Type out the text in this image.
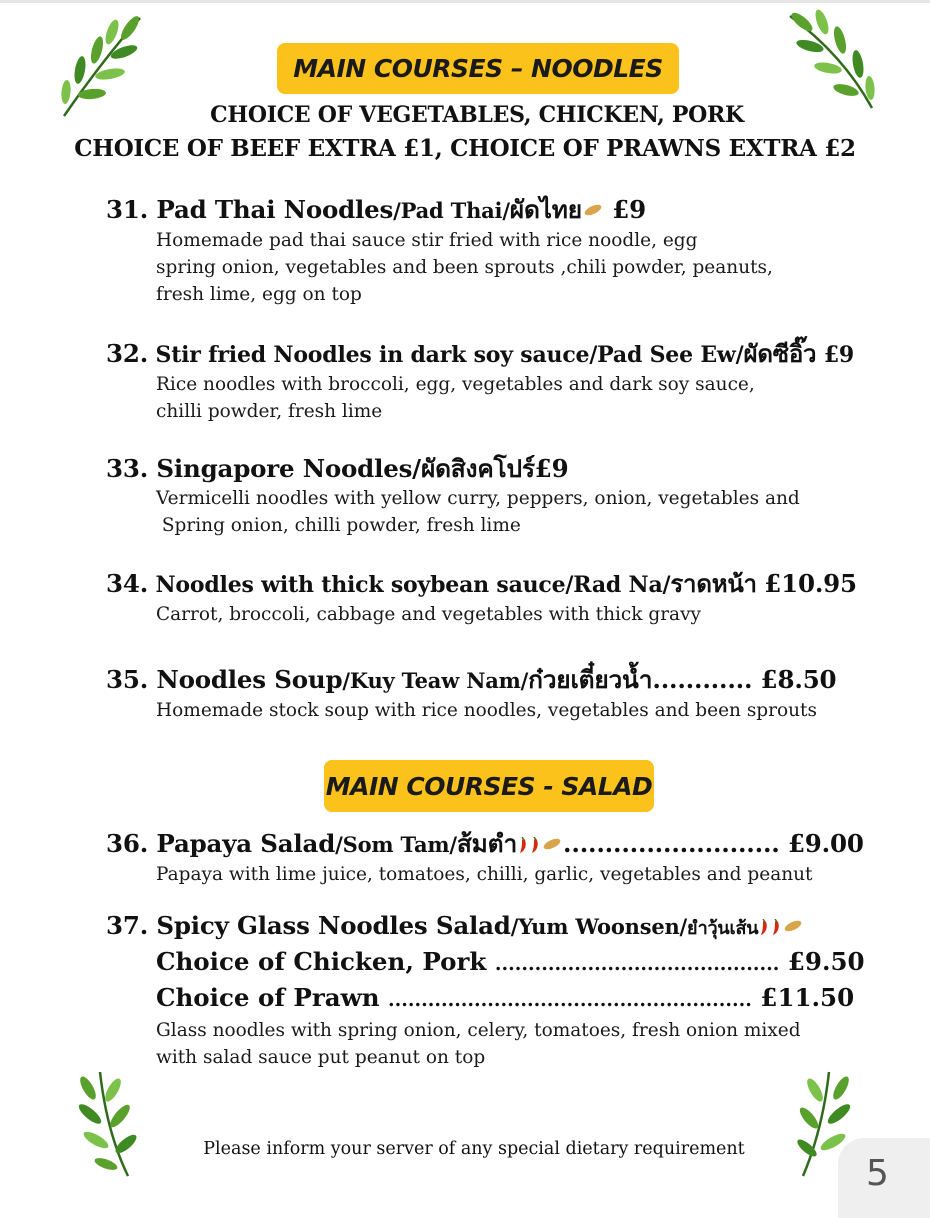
MAIN COURSES – NOODLES
CHOICE OF VEGETABLES, CHICKEN, PORK
CHOICE OF BEEF EXTRA £1, CHOICE OF PRAWNS EXTRA £2
31. Pad Thai Noodles/Pad Thai/ผัดไทย £9
Homemade pad thai sauce stir fried with rice noodle, egg
spring onion, vegetables and been sprouts ,chili powder, peanuts,
fresh lime, egg on top
32. Stir fried Noodles in dark soy sauce/Pad See Ew/ผัดซีอิ๊ว £9
Rice noodles with broccoli, egg, vegetables and dark soy sauce,
chilli powder, fresh lime
33. Singapore Noodles/ผัดสิงคโปร์£9
Vermicelli noodles with yellow curry, peppers, onion, vegetables and
Spring onion, chilli powder, fresh lime
34. Noodles with thick soybean sauce/Rad Na/ราดหน้า £10.95
Carrot, broccoli, cabbage and vegetables with thick gravy
35. Noodles Soup/Kuy Teaw Nam/ก๋วยเตี๋ยวน้ำ............ £8.50
Homemade stock soup with rice noodles, vegetables and been sprouts
MAIN COURSES - SALAD
36. Papaya Salad/Som Tam/ส้มตำ .......................... £9.00
Papaya with lime juice, tomatoes, chilli, garlic, vegetables and peanut
37. Spicy Glass Noodles Salad/Yum Woonsen/ยำวุ้นเส้น
Choice of Chicken, Pork ........................................... £9.50
Choice of Prawn ....................................................... £11.50
Glass noodles with spring onion, celery, tomatoes, fresh onion mixed
with salad sauce put peanut on top
Please inform your server of any special dietary requirement
5
